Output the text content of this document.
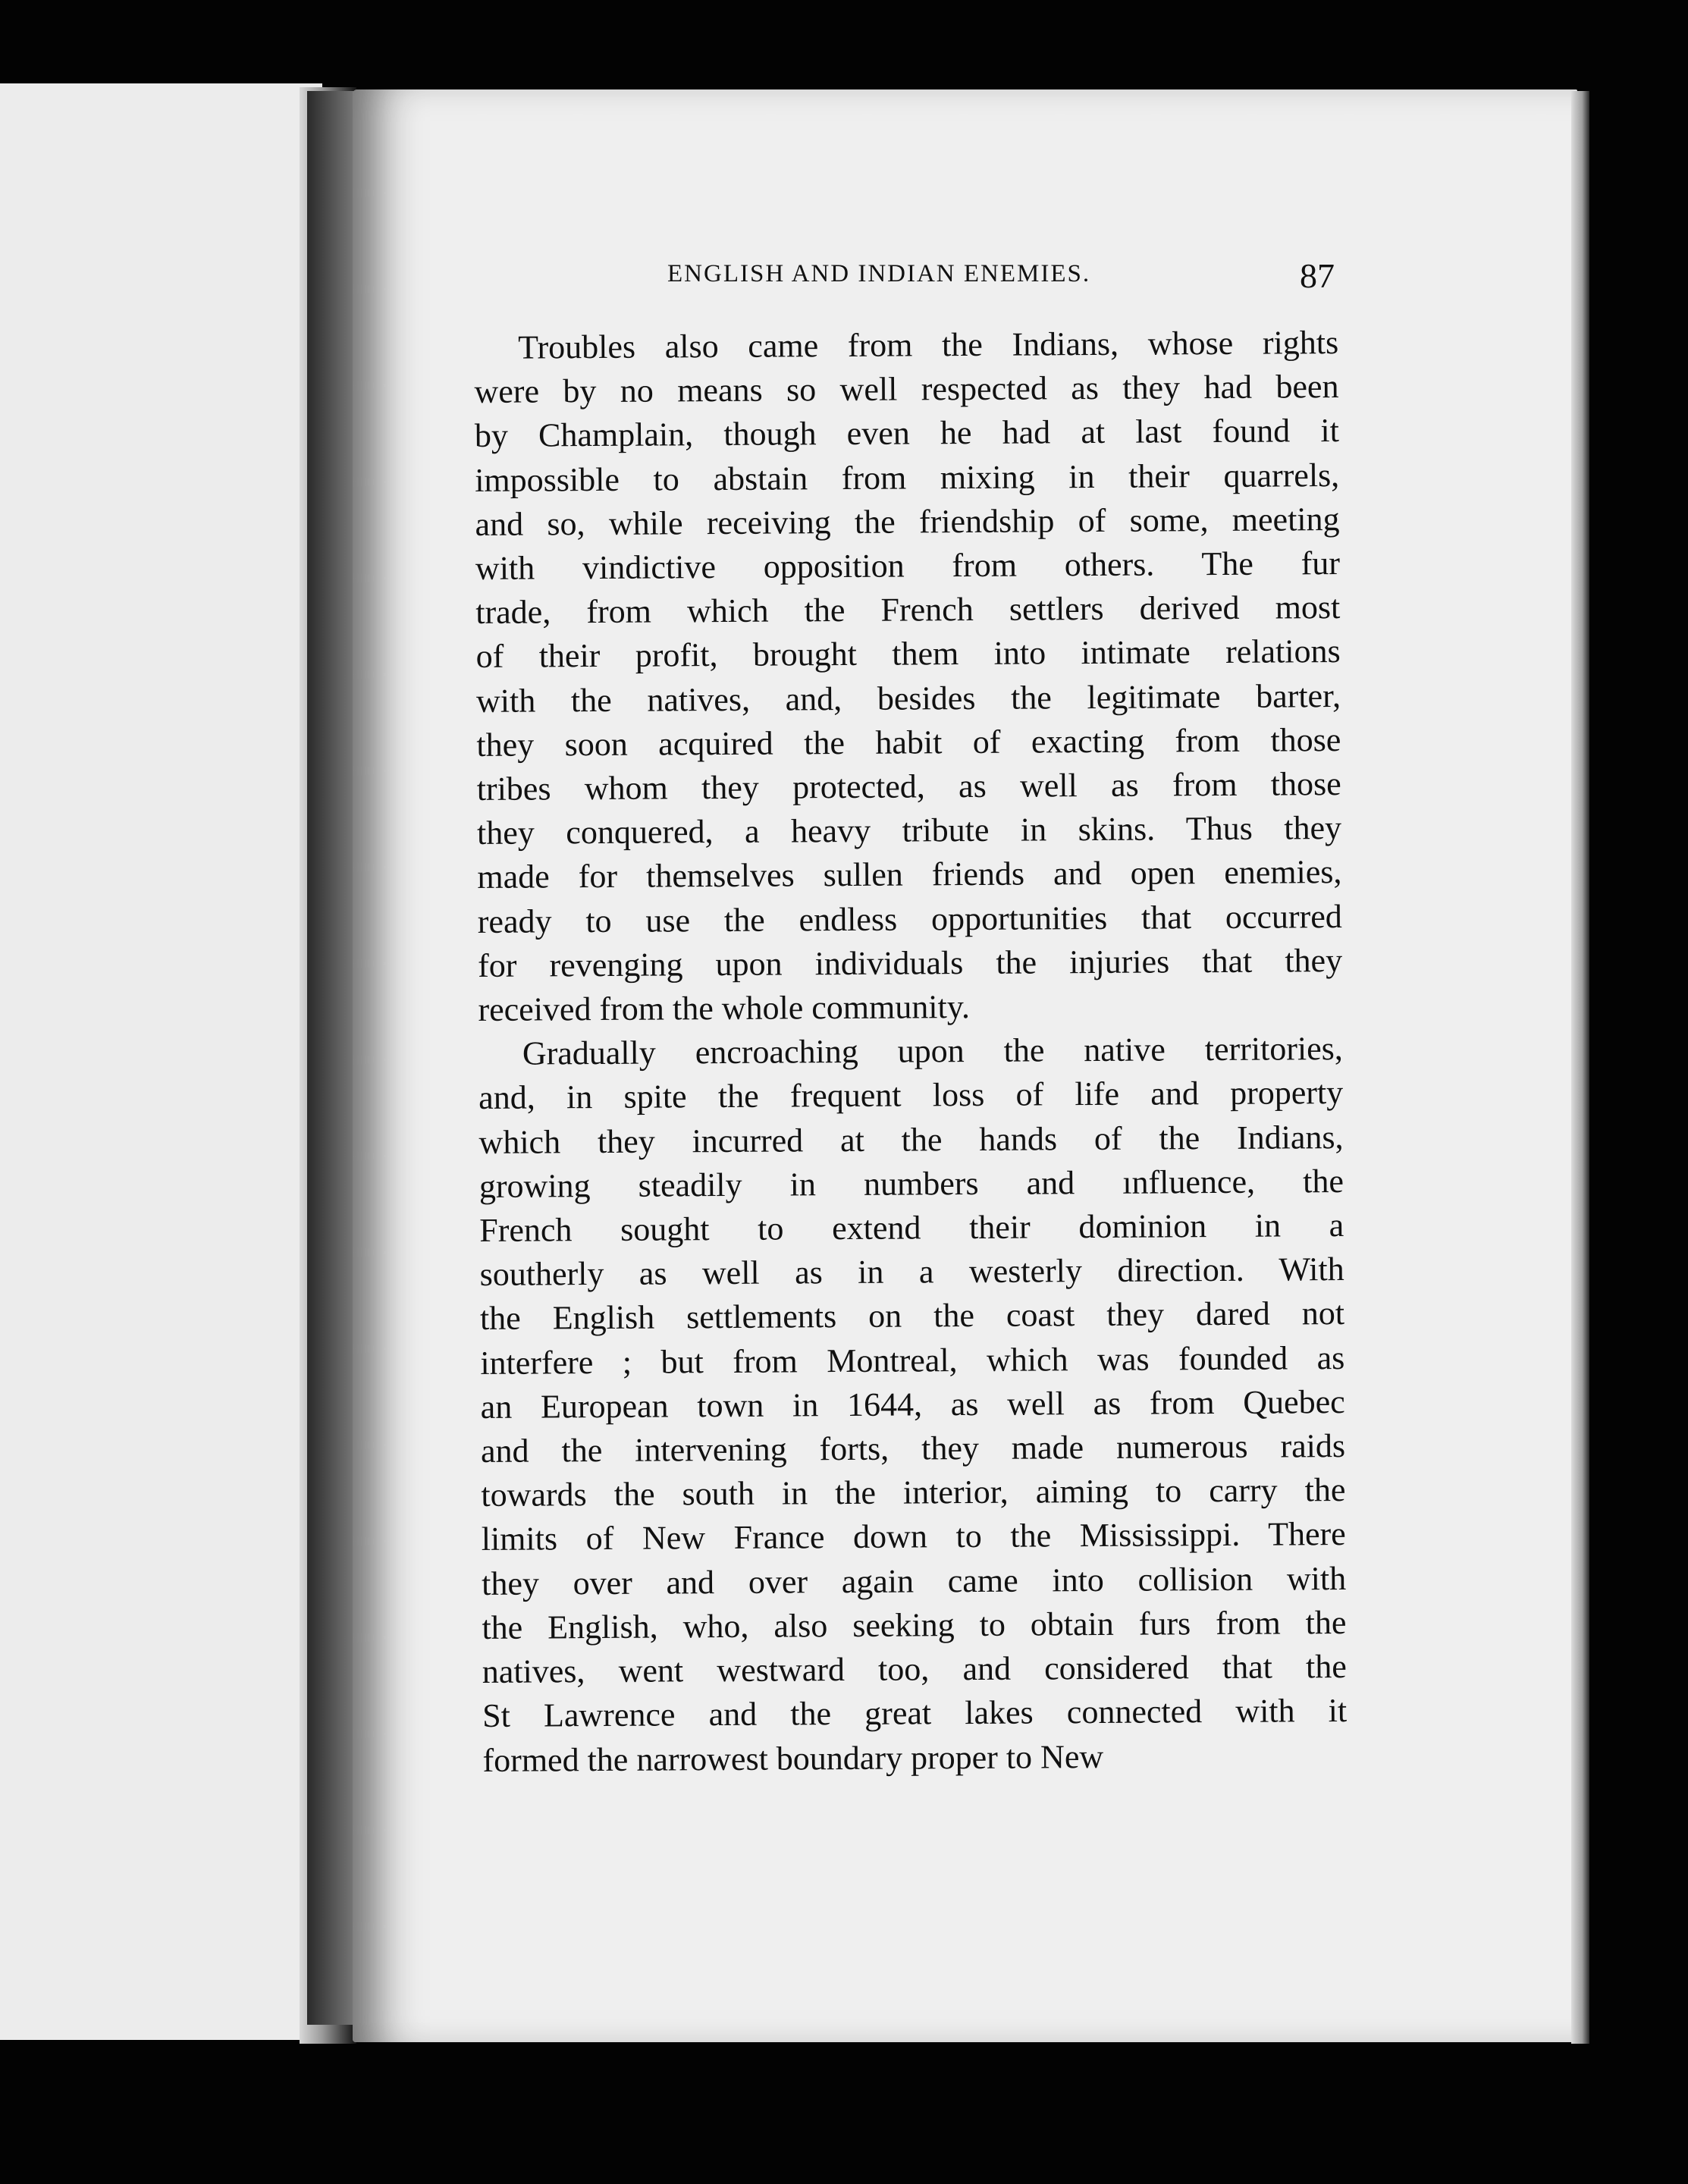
ENGLISH AND INDIAN ENEMIES.	87
Troubles also came from the Indians, whose rights
were by no means so well respected as they had been
by Champlain, though even he had at last found it
impossible to abstain from mixing in their quarrels,
and so, while receiving the friendship of some, meeting
with vindictive opposition from others. The fur
trade, from which the French settlers derived most
of their profit, brought them into intimate relations
with the natives, and, besides the legitimate barter,
they soon acquired the habit of exacting from those
tribes whom they protected, as well as from those
they conquered, a heavy tribute in skins. Thus they
made for themselves sullen friends and open enemies,
ready to use the endless opportunities that occurred
for revenging upon individuals the injuries that they
received from the whole community.
Gradually encroaching upon the native territories,
and, in spite the frequent loss of life and property
which they incurred at the hands of the Indians,
growing steadily in numbers and ınfluence, the
French sought to extend their dominion in a
southerly as well as in a westerly direction. With
the English settlements on the coast they dared not
interfere ; but from Montreal, which was founded as
an European town in 1644, as well as from Quebec
and the intervening forts, they made numerous raids
towards the south in the interior, aiming to carry the
limits of New France down to the Mississippi. There
they over and over again came into collision with
the English, who, also seeking to obtain furs from the
natives, went westward too, and considered that the
St Lawrence and the great lakes connected with it
formed the narrowest boundary proper to New
